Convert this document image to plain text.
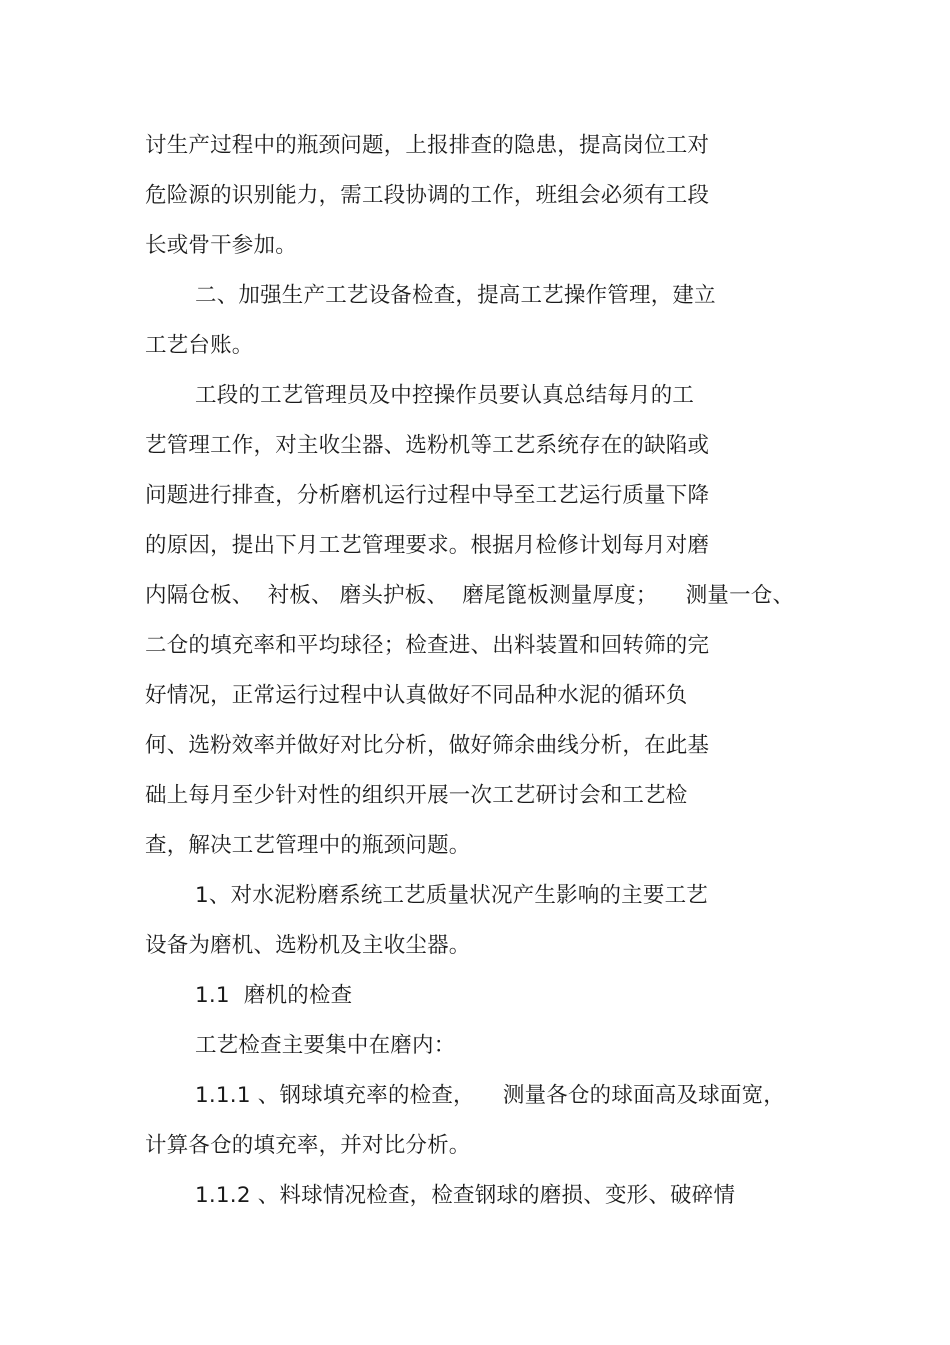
讨生产过程中的瓶颈问题，上报排查的隐患，提高岗位工对
危险源的识别能力，需工段协调的工作，班组会必须有工段
长或骨干参加。
二、加强生产工艺设备检查，提高工艺操作管理，建立
工艺台账。
工段的工艺管理员及中控操作员要认真总结每月的工
艺管理工作，对主收尘器、选粉机等工艺系统存在的缺陷或
问题进行排查，分析磨机运行过程中导至工艺运行质量下降
的原因，提出下月工艺管理要求。根据月检修计划每月对磨
内隔仓板、  衬板、 磨头护板、  磨尾篦板测量厚度；    测量一仓、
二仓的填充率和平均球径；检查进、出料装置和回转筛的完
好情况，正常运行过程中认真做好不同品种水泥的循环负
何、选粉效率并做好对比分析，做好筛余曲线分析，在此基
础上每月至少针对性的组织开展一次工艺研讨会和工艺检
查，解决工艺管理中的瓶颈问题。
1、对水泥粉磨系统工艺质量状况产生影响的主要工艺
设备为磨机、选粉机及主收尘器。
1.1  磨机的检查
工艺检查主要集中在磨内：
1.1.1 、钢球填充率的检查，    测量各仓的球面高及球面宽，
计算各仓的填充率，并对比分析。
1.1.2 、料球情况检查，检查钢球的磨损、变形、破碎情
